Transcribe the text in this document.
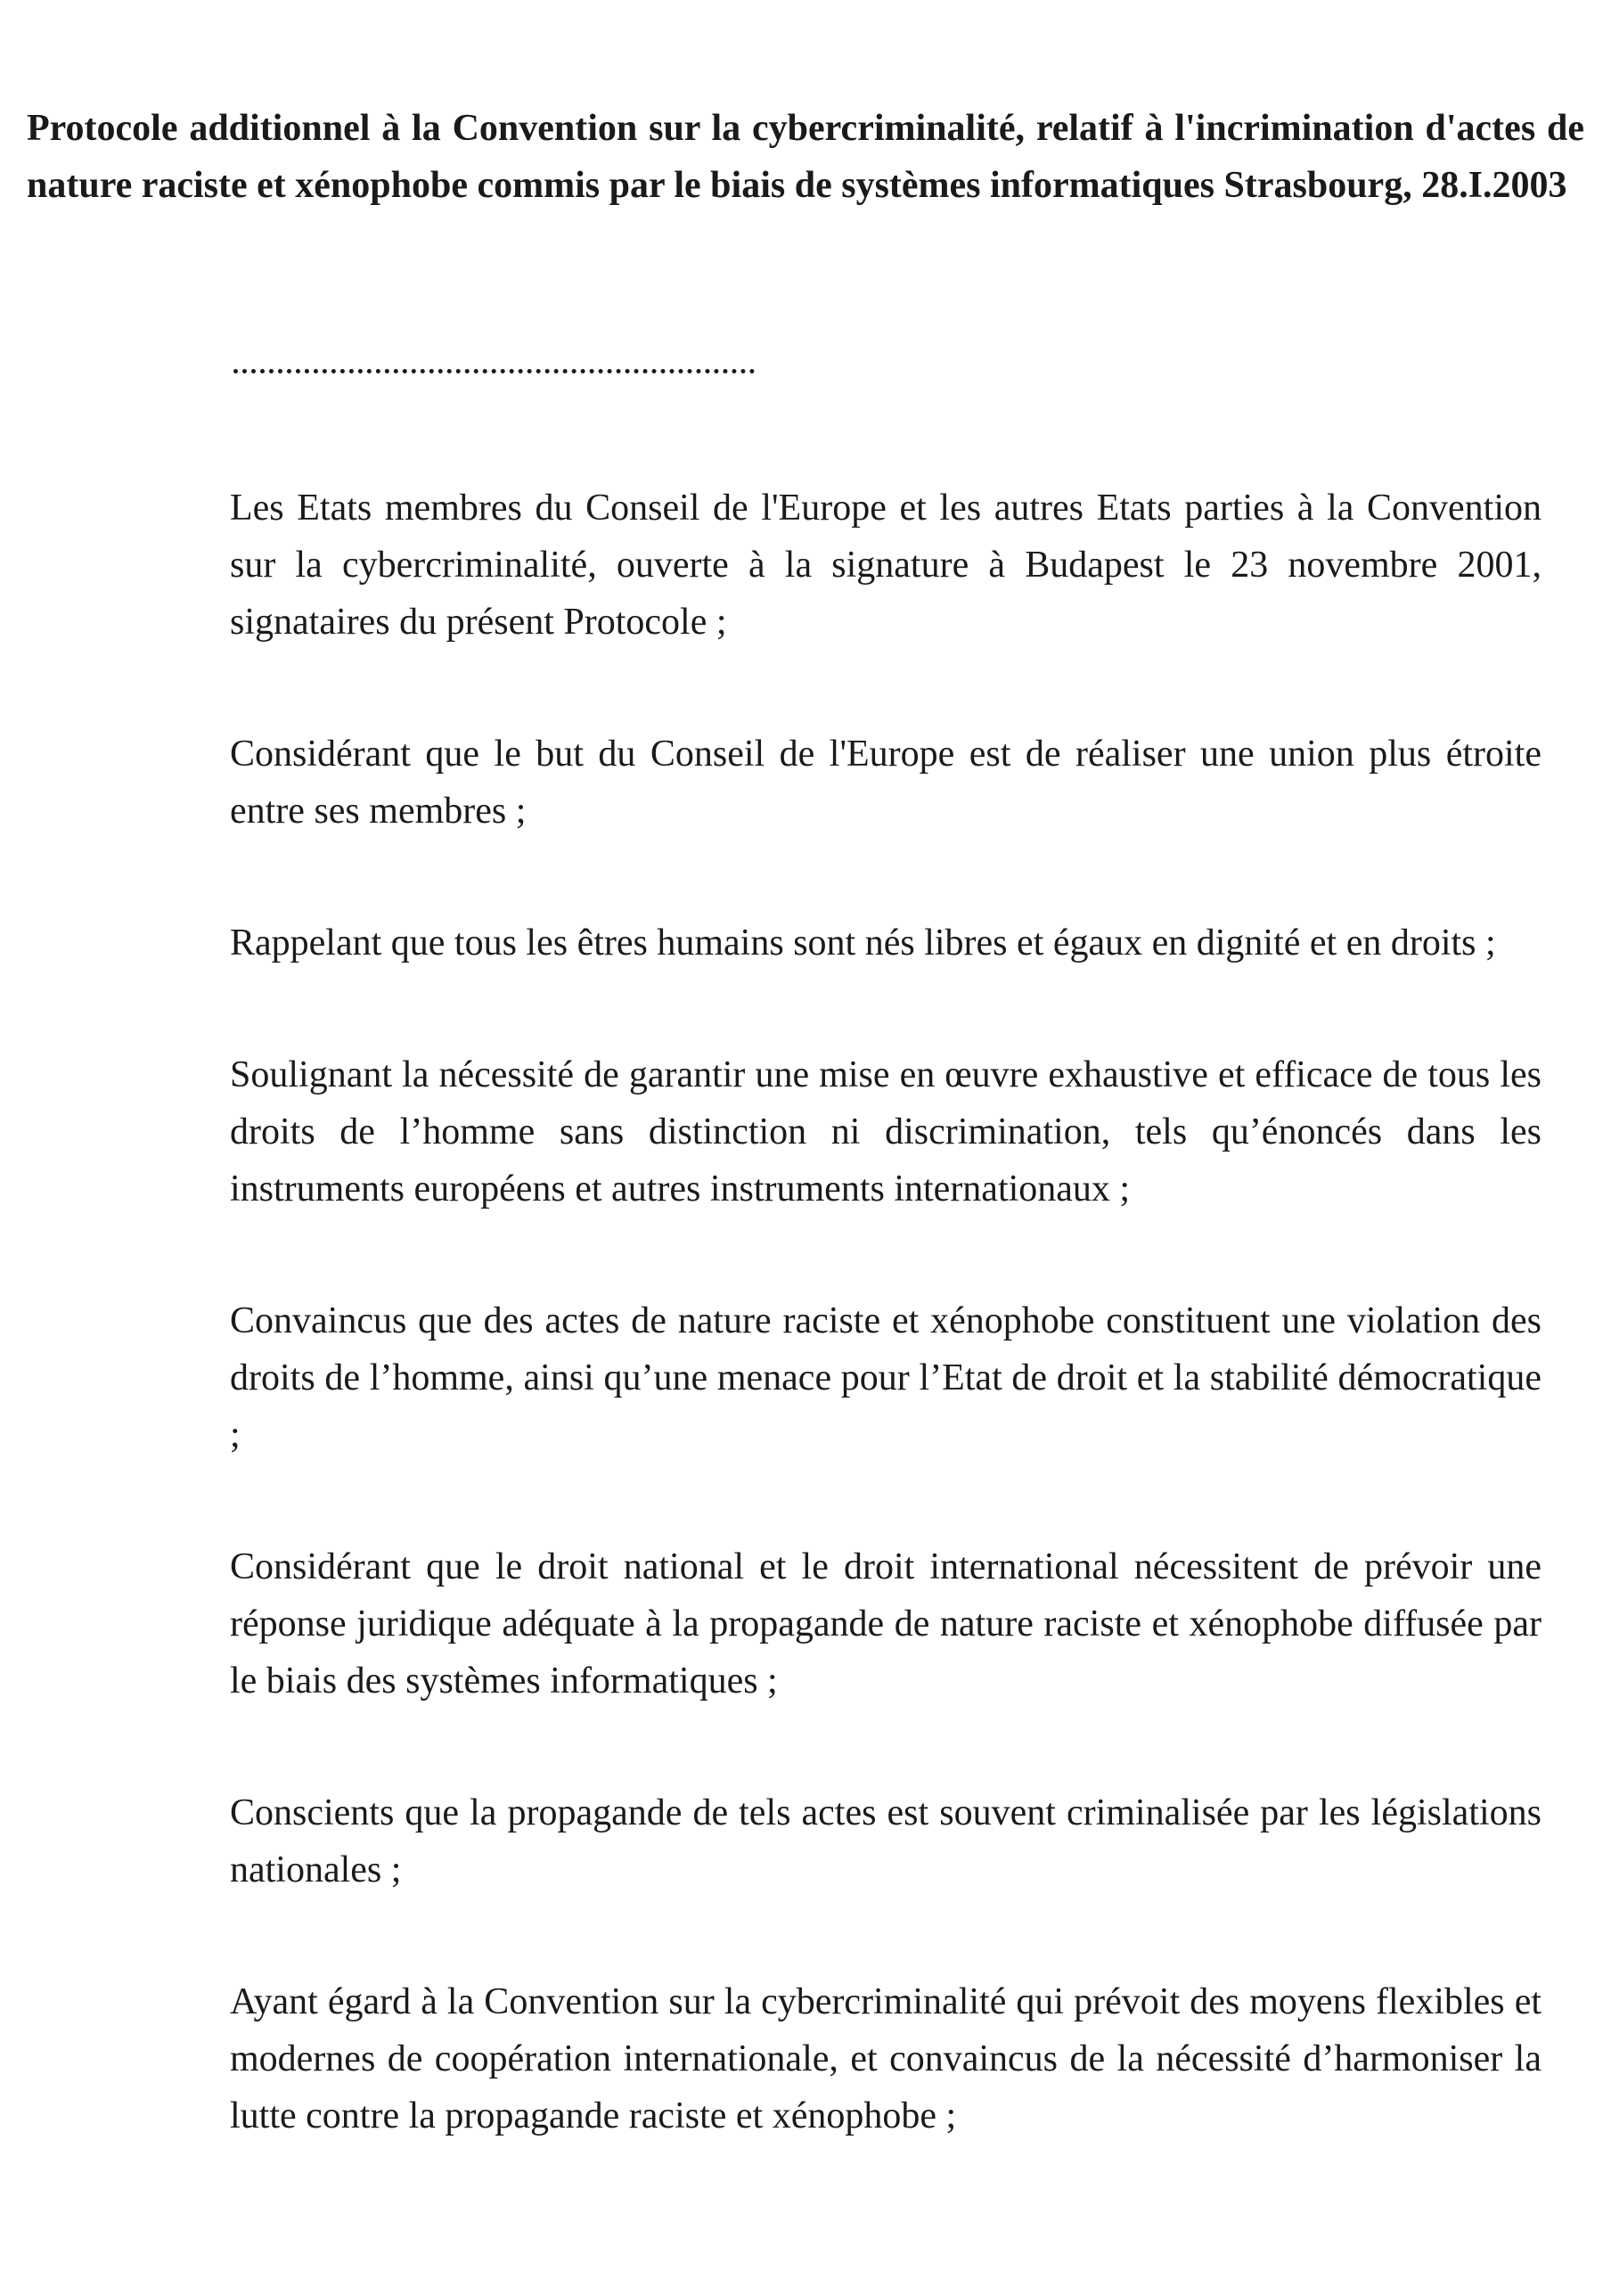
Protocole additionnel à la Convention sur la cybercriminalité, relatif à l'incrimination d'actes de nature raciste et xénophobe commis par le biais de systèmes informatiques Strasbourg, 28.I.2003

Les Etats membres du Conseil de l'Europe et les autres Etats parties à la Convention sur la cybercriminalité, ouverte à la signature à Budapest le 23 novembre 2001, signataires du présent Protocole ;

Considérant que le but du Conseil de l'Europe est de réaliser une union plus étroite entre ses membres ;

Rappelant que tous les êtres humains sont nés libres et égaux en dignité et en droits ;

Soulignant la nécessité de garantir une mise en œuvre exhaustive et efficace de tous les droits de l’homme sans distinction ni discrimination, tels qu’énoncés dans les instruments européens et autres instruments internationaux ;

Convaincus que des actes de nature raciste et xénophobe constituent une violation des droits de l’homme, ainsi qu’une menace pour l’Etat de droit et la stabilité démocratique ;

Considérant que le droit national et le droit international nécessitent de prévoir une réponse juridique adéquate à la propagande de nature raciste et xénophobe diffusée par le biais des systèmes informatiques ;

Conscients que la propagande de tels actes est souvent criminalisée par les législations nationales ;

Ayant égard à la Convention sur la cybercriminalité qui prévoit des moyens flexibles et modernes de coopération internationale, et convaincus de la nécessité d’harmoniser la lutte contre la propagande raciste et xénophobe ;
